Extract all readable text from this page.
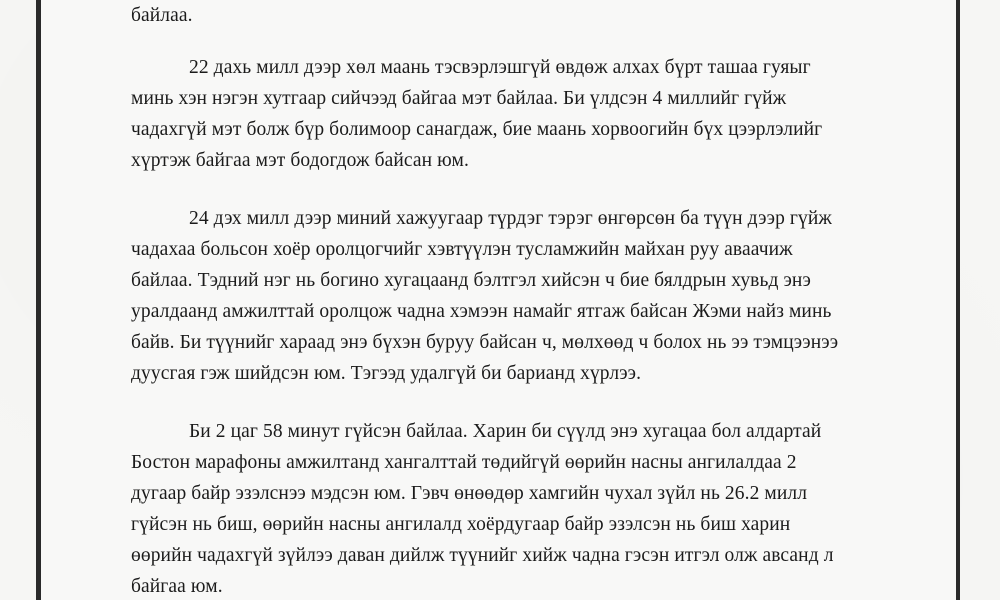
байлаа.
22 дахь милл дээр хөл маань тэсвэрлэшгүй өвдөж алхах бүрт ташаа гуяыг
минь хэн нэгэн хутгаар сийчээд байгаа мэт байлаа. Би үлдсэн 4 миллийг гүйж
чадахгүй мэт болж бүр болимоор санагдаж, бие маань хорвоогийн бүх цээрлэлийг
хүртэж байгаа мэт бодогдож байсан юм.
24 дэх милл дээр миний хажуугаар түрдэг тэрэг өнгөрсөн ба түүн дээр гүйж
чадахаа больсон хоёр оролцогчийг хэвтүүлэн тусламжийн майхан руу аваачиж
байлаа. Тэдний нэг нь богино хугацаанд бэлтгэл хийсэн ч бие бялдрын хувьд энэ
уралдаанд амжилттай оролцож чадна хэмээн намайг ятгаж байсан Жэми найз минь
байв. Би түүнийг хараад энэ бүхэн буруу байсан ч, мөлхөөд ч болох нь ээ тэмцээнээ
дуусгая гэж шийдсэн юм. Тэгээд удалгүй би барианд хүрлээ.
Би 2 цаг 58 минут гүйсэн байлаа. Харин би сүүлд энэ хугацаа бол алдартай
Бостон марафоны амжилтанд хангалттай төдийгүй өөрийн насны ангилалдаа 2
дугаар байр эзэлснээ мэдсэн юм. Гэвч өнөөдөр хамгийн чухал зүйл нь 26.2 милл
гүйсэн нь биш, өөрийн насны ангилалд хоёрдугаар байр эзэлсэн нь биш харин
өөрийн чадахгүй зүйлээ даван дийлж түүнийг хийж чадна гэсэн итгэл олж авсанд л
байгаа юм.
